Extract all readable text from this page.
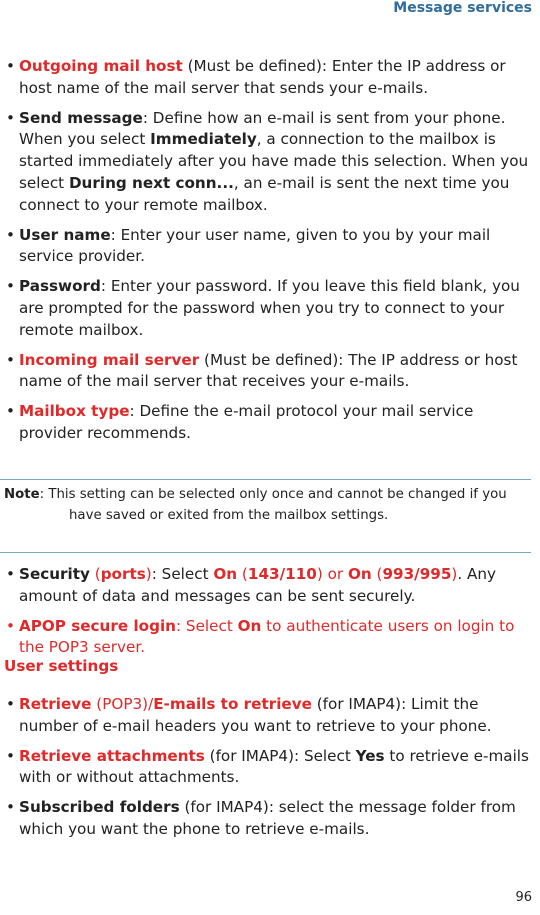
Message services
• Outgoing mail host (Must be defined): Enter the IP address or host name of the mail server that sends your e-mails.
• Send message: Define how an e-mail is sent from your phone. When you select Immediately, a connection to the mailbox is started immediately after you have made this selection. When you select During next conn..., an e-mail is sent the next time you connect to your remote mailbox.
• User name: Enter your user name, given to you by your mail service provider.
• Password: Enter your password. If you leave this field blank, you are prompted for the password when you try to connect to your remote mailbox.
• Incoming mail server (Must be defined): The IP address or host name of the mail server that receives your e-mails.
• Mailbox type: Define the e-mail protocol your mail service provider recommends.
Note: This setting can be selected only once and cannot be changed if you have saved or exited from the mailbox settings.
• Security (ports): Select On (143/110) or On (993/995). Any amount of data and messages can be sent securely.
• APOP secure login: Select On to authenticate users on login to the POP3 server.
User settings
• Retrieve (POP3)/E-mails to retrieve (for IMAP4): Limit the number of e-mail headers you want to retrieve to your phone.
• Retrieve attachments (for IMAP4): Select Yes to retrieve e-mails with or without attachments.
• Subscribed folders (for IMAP4): select the message folder from which you want the phone to retrieve e-mails.
96
